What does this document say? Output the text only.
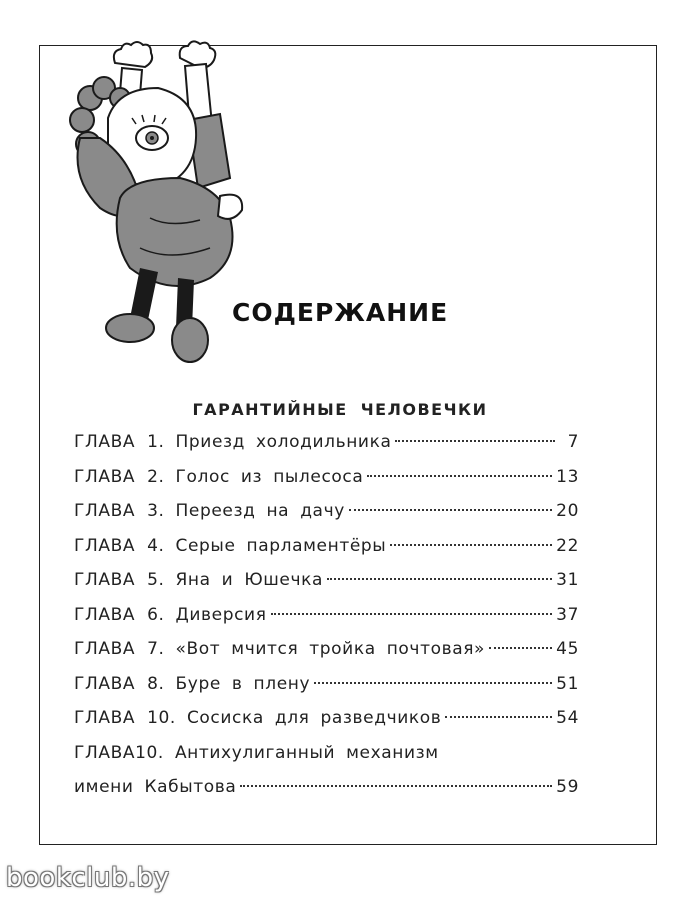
СОДЕРЖАНИЕ
ГАРАНТИЙНЫЕ ЧЕЛОВЕЧКИ
ГЛАВА 1. Приезд холодильника	7
ГЛАВА 2. Голос из пылесоса	13
ГЛАВА 3. Переезд на дачу	20
ГЛАВА 4. Серые парламентёры	22
ГЛАВА 5. Яна и Юшечка	31
ГЛАВА 6. Диверсия	37
ГЛАВА 7. «Вот мчится тройка почтовая»	45
ГЛАВА 8. Буре в плену	51
ГЛАВА 10. Сосиска для разведчиков	54
ГЛАВА 10.
Антихулиганный механизм
имени Кабытова	59
bookclub.by
